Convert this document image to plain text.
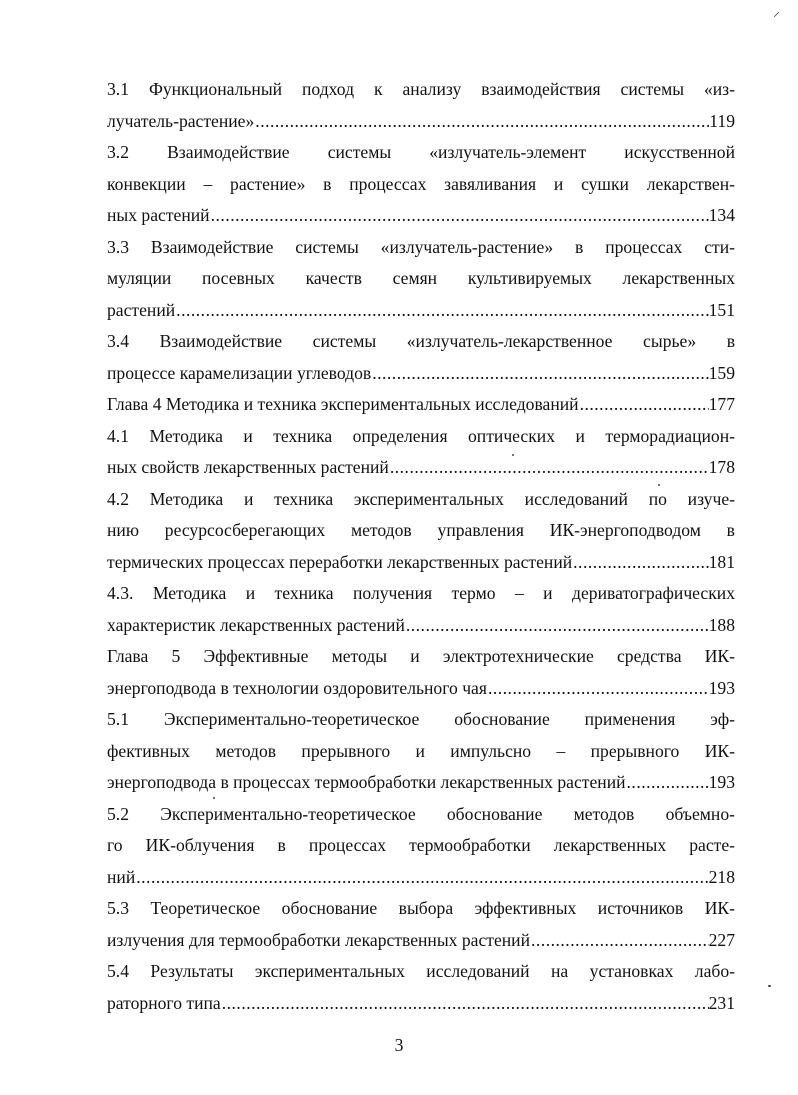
⸝
3.1 Функциональный подход к анализу взаимодействия системы «из-
лучатель-растение» .....	119
3.2 Взаимодействие системы «излучатель-элемент искусственной
конвекции – растение» в процессах завяливания и сушки лекарствен-
ных растений .....	134
3.3 Взаимодействие системы «излучатель-растение» в процессах сти-
муляции посевных качеств семян культивируемых лекарственных
растений .....	151
3.4 Взаимодействие системы «излучатель-лекарственное сырье» в
процессе карамелизации углеводов .....	159
Глава 4 Методика и техника экспериментальных исследований .....	177
4.1 Методика и техника определения оптических и терморадиацион-
ных свойств лекарственных растений .....	178
4.2 Методика и техника экспериментальных исследований по изуче-
нию ресурсосберегающих методов управления ИК-энергоподводом в
термических процессах переработки лекарственных растений .....	181
4.3. Методика и техника получения термо – и дериватографических
характеристик лекарственных растений .....	188
Глава 5 Эффективные методы и электротехнические средства ИК-
энергоподвода в технологии оздоровительного чая .....	193
5.1 Экспериментально-теоретическое обоснование применения эф-
фективных методов прерывного и импульсно – прерывного ИК-
энергоподвода в процессах термообработки лекарственных растений .....	193
5.2 Экспериментально-теоретическое обоснование методов объемно-
го ИК-облучения в процессах термообработки лекарственных расте-
ний .....	218
5.3 Теоретическое обоснование выбора эффективных источников ИК-
излучения для термообработки лекарственных растений .....	227
5.4 Результаты экспериментальных исследований на установках лабо-
раторного типа .....	231
3
